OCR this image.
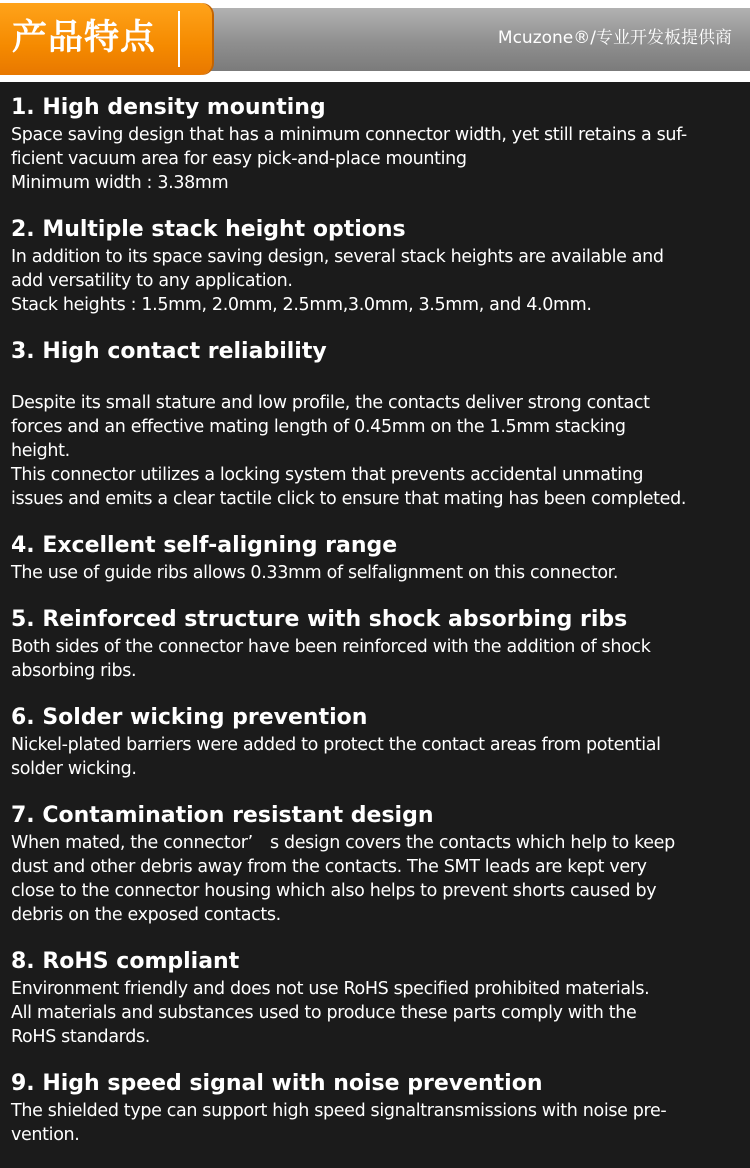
产品特点	Mcuzone®/专业开发板提供商
1. High density mounting

Space saving design that has a minimum connector width, yet still retains a suf-

ficient vacuum area for easy pick-and-place mounting

Minimum width : 3.38mm

2. Multiple stack height options

In addition to its space saving design, several stack heights are available and

add versatility to any application.

Stack heights : 1.5mm, 2.0mm, 2.5mm,3.0mm, 3.5mm, and 4.0mm.

3. High contact reliability

Despite its small stature and low profile, the contacts deliver strong contact

forces and an effective mating length of 0.45mm on the 1.5mm stacking

height.

This connector utilizes a locking system that prevents accidental unmating

issues and emits a clear tactile click to ensure that mating has been completed.

4. Excellent self-aligning range

The use of guide ribs allows 0.33mm of selfalignment on this connector.

5. Reinforced structure with shock absorbing ribs

Both sides of the connector have been reinforced with the addition of shock

absorbing ribs.

6. Solder wicking prevention

Nickel-plated barriers were added to protect the contact areas from potential

solder wicking.

7. Contamination resistant design

When mated, the connector’　s design covers the contacts which help to keep

dust and other debris away from the contacts. The SMT leads are kept very

close to the connector housing which also helps to prevent shorts caused by

debris on the exposed contacts.

8. RoHS compliant

Environment friendly and does not use RoHS specified prohibited materials.

All materials and substances used to produce these parts comply with the

RoHS standards.

9. High speed signal with noise prevention

The shielded type can support high speed signaltransmissions with noise pre-

vention.
